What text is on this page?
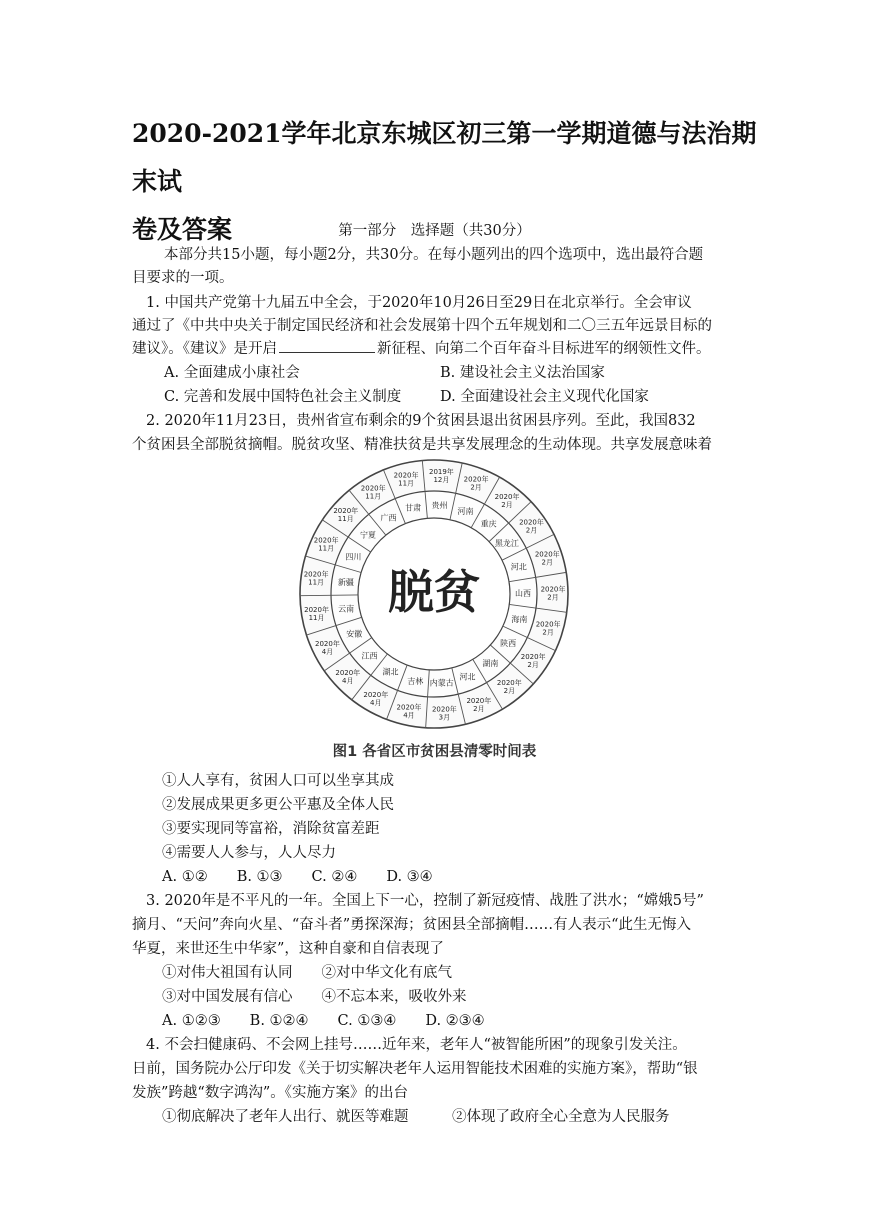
2020-2021学年北京东城区初三第一学期道德与法治期末试
卷及答案	第一部分　选择题（共30分）
本部分共15小题，每小题2分，共30分。在每小题列出的四个选项中，选出最符合题
目要求的一项。
1. 中国共产党第十九届五中全会，于2020年10月26日至29日在北京举行。全会审议
通过了《中共中央关于制定国民经济和社会发展第十四个五年规划和二〇三五年远景目标的
建议》。《建议》是开启	新征程、向第二个百年奋斗目标进军的纲领性文件。
A. 全面建成小康社会	B. 建设社会主义法治国家
C. 完善和发展中国特色社会主义制度	D. 全面建设社会主义现代化国家
2. 2020年11月23日，贵州省宣布剩余的9个贫困县退出贫困县序列。至此，我国832
个贫困县全部脱贫摘帽。脱贫攻坚、精准扶贫是共享发展理念的生动体现。共享发展意味着
贵州
2019年 12月
河南
2020年 2月
重庆
2020年 2月
黑龙江
2020年 2月
河北
2020年 2月
山西 2020年 2月
海南
2020年 2月
陕西
2020年 2月
湖南
2020年 2月
河北
2020年 2月
内蒙古
2020年 3月
吉林
2020年 4月
湖北
2020年 4月
江西
2020年 4月
安徽
2020年 4月
云南
2020年 11月
新疆
2020年 11月
四川
2020年 11月
宁夏
2020年 11月	广西
2020年 11月
甘肃
2020年 11月
脱贫
图1 各省区市贫困县清零时间表
①人人享有，贫困人口可以坐享其成
②发展成果更多更公平惠及全体人民
③要实现同等富裕，消除贫富差距
④需要人人参与，人人尽力
A. ①②　　B. ①③　　C. ②④　　D. ③④
3. 2020年是不平凡的一年。全国上下一心，控制了新冠疫情、战胜了洪水；“嫦娥5号”
摘月、“天问”奔向火星、“奋斗者”勇探深海；贫困县全部摘帽……有人表示“此生无悔入
华夏，来世还生中华家”，这种自豪和自信表现了
①对伟大祖国有认同　　②对中华文化有底气
③对中国发展有信心　　④不忘本来，吸收外来
A. ①②③　　B. ①②④　　C. ①③④　　D. ②③④
4. 不会扫健康码、不会网上挂号……近年来，老年人“被智能所困”的现象引发关注。
日前，国务院办公厅印发《关于切实解决老年人运用智能技术困难的实施方案》，帮助“银
发族”跨越“数字鸿沟”。《实施方案》的出台
①彻底解决了老年人出行、就医等难题　　　②体现了政府全心全意为人民服务
